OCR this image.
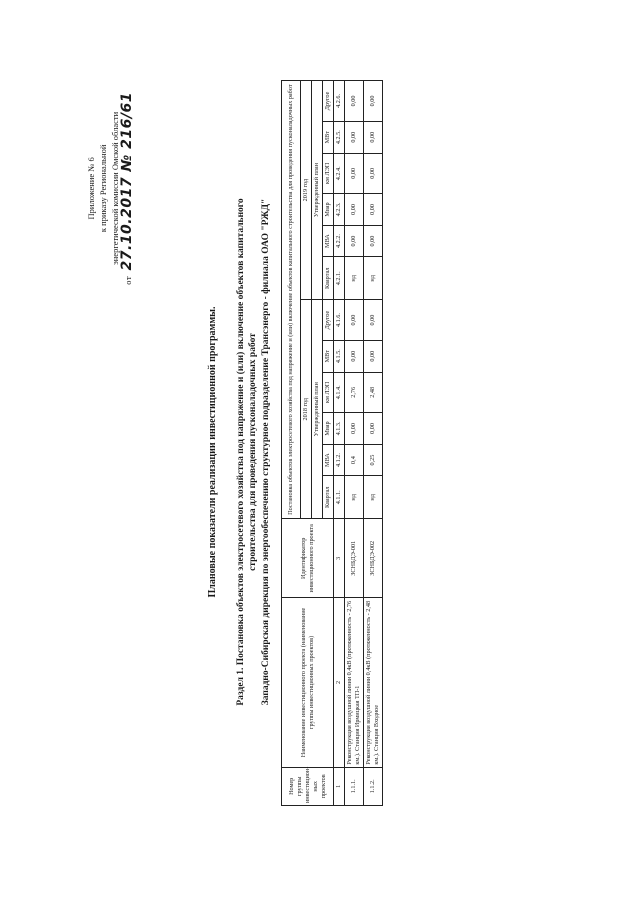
Приложение № 6 к приказу Региональной энергетической комиссии Омской области
от 27.10.2017 № 216/61
Плановые показатели реализации инвестиционной программы. Раздел 1. Постановка объектов электросетевого хозяйства под напряжение и (или) включение объектов капитального строительства для проведения пусконаладочных работ Западно-Сибирская дирекция по энергообеспечению структурное подразделение Трансэнерго - филиала ОАО "РЖД"
Номер группы инвестиционных проектов	Наименование инвестиционного проекта (наименование группы инвестиционных проектов)	Идентификатор инвестиционного проекта	Постановка объектов электросетевого хозяйства под напряжение и (или) включение объектов капитального строительства для проведения пусконаладочных работ											
			2018 год						2019 год					
			Утвержденный план						Утвержденный план					
			Квартал	МВА	Мвар	км ЛЭП	МВт	Другое	Квартал	МВА	Мвар	км ЛЭП	МВт	Другое
1	2	3	4.1.1.	4.1.2.	4.1.3.	4.1.4.	4.1.5.	4.1.6.	4.2.1.	4.2.2.	4.2.3.	4.2.4.	4.2.5.	4.2.6.
1.1.1.	Реконструкция воздушной линии 0,4кВ (протяженность - 2,76 км.). Станция Ирмицкая ТП-1	ЗСНБДЭ-001	нд	0,4	0,00	2,76	0,00	0,00	нд	0,00	0,00	0,00	0,00	0,00
1.1.2.	Реконструкция воздушной линии 0,4кВ (протяженность - 2,48 км.). Станция Входное	ЗСНБДЭ-002	нд	0,25	0,00	2,48	0,00	0,00	нд	0,00	0,00	0,00	0,00	0,00
